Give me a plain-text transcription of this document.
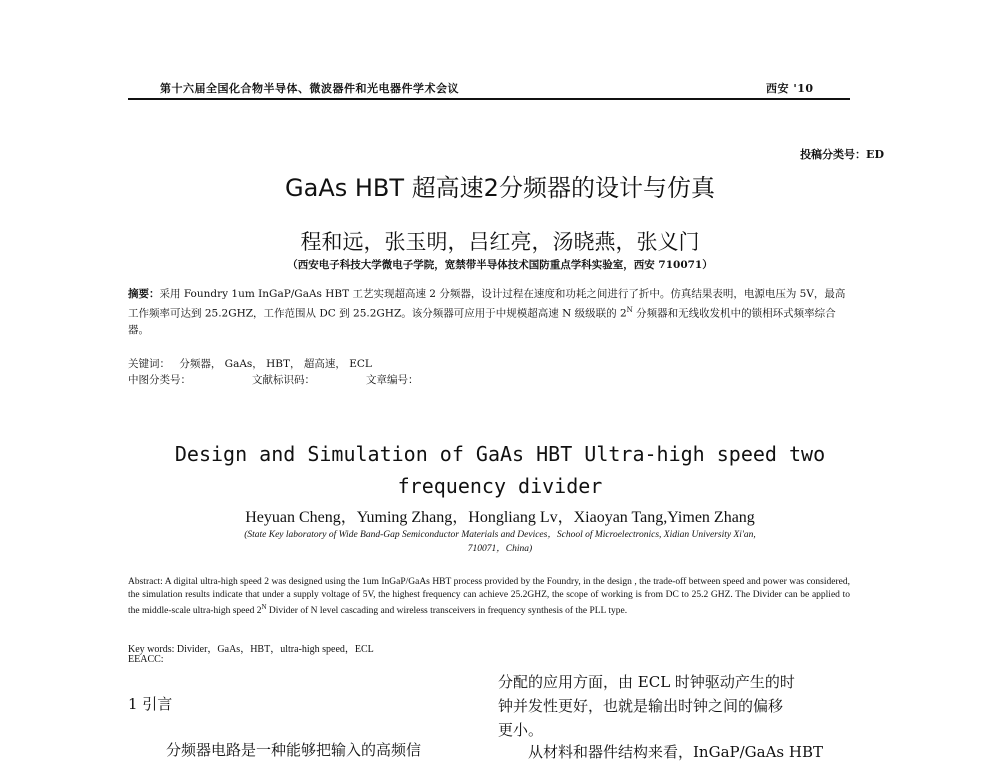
第十六届全国化合物半导体、微波器件和光电器件学术会议	西安 '10
投稿分类号：ED
GaAs HBT 超高速2分频器的设计与仿真
程和远，张玉明，吕红亮，汤晓燕，张义门
（西安电子科技大学微电子学院，宽禁带半导体技术国防重点学科实验室，西安 710071）
摘要：采用 Foundry 1um InGaP/GaAs HBT 工艺实现超高速 2 分频器，设计过程在速度和功耗之间进行了折中。仿真结果表明，电源电压为 5V，最高工作频率可达到 25.2GHZ，工作范围从 DC 到 25.2GHZ。该分频器可应用于中规模超高速 N 级级联的 $2^N$ 分频器和无线收发机中的锁相环式频率综合器。
关键词： 分频器， GaAs， HBT， 超高速， ECL
中图分类号：	文献标识码：	文章编号：
Design and Simulation of GaAs HBT Ultra-high speed two
frequency divider
Heyuan Cheng，Yuming Zhang，Hongliang Lv，Xiaoyan Tang,Yimen Zhang
(State Key laboratory of Wide Band-Gap Semiconductor Materials and Devices，School of Microelectronics, Xidian University Xi'an,
710071，China)
Abstract: A digital ultra-high speed 2 was designed using the 1um InGaP/GaAs HBT process provided by the Foundry, in the design , the trade-off between speed and power was considered, the simulation results indicate that under a supply voltage of 5V, the highest frequency can achieve 25.2GHZ, the scope of working is from DC to 25.2 GHZ. The Divider can be applied to the middle-scale ultra-high speed $2^N$ Divider of N level cascading and wireless transceivers in frequency synthesis of the PLL type.
Key words: Divider，GaAs，HBT，ultra-high speed，ECL
EEACC:
1 引言
分频器电路是一种能够把输入的高频信
分配的应用方面，由 ECL 时钟驱动产生的时
钟并发性更好，也就是输出时钟之间的偏移
更小。
从材料和器件结构来看，InGaP/GaAs HBT
